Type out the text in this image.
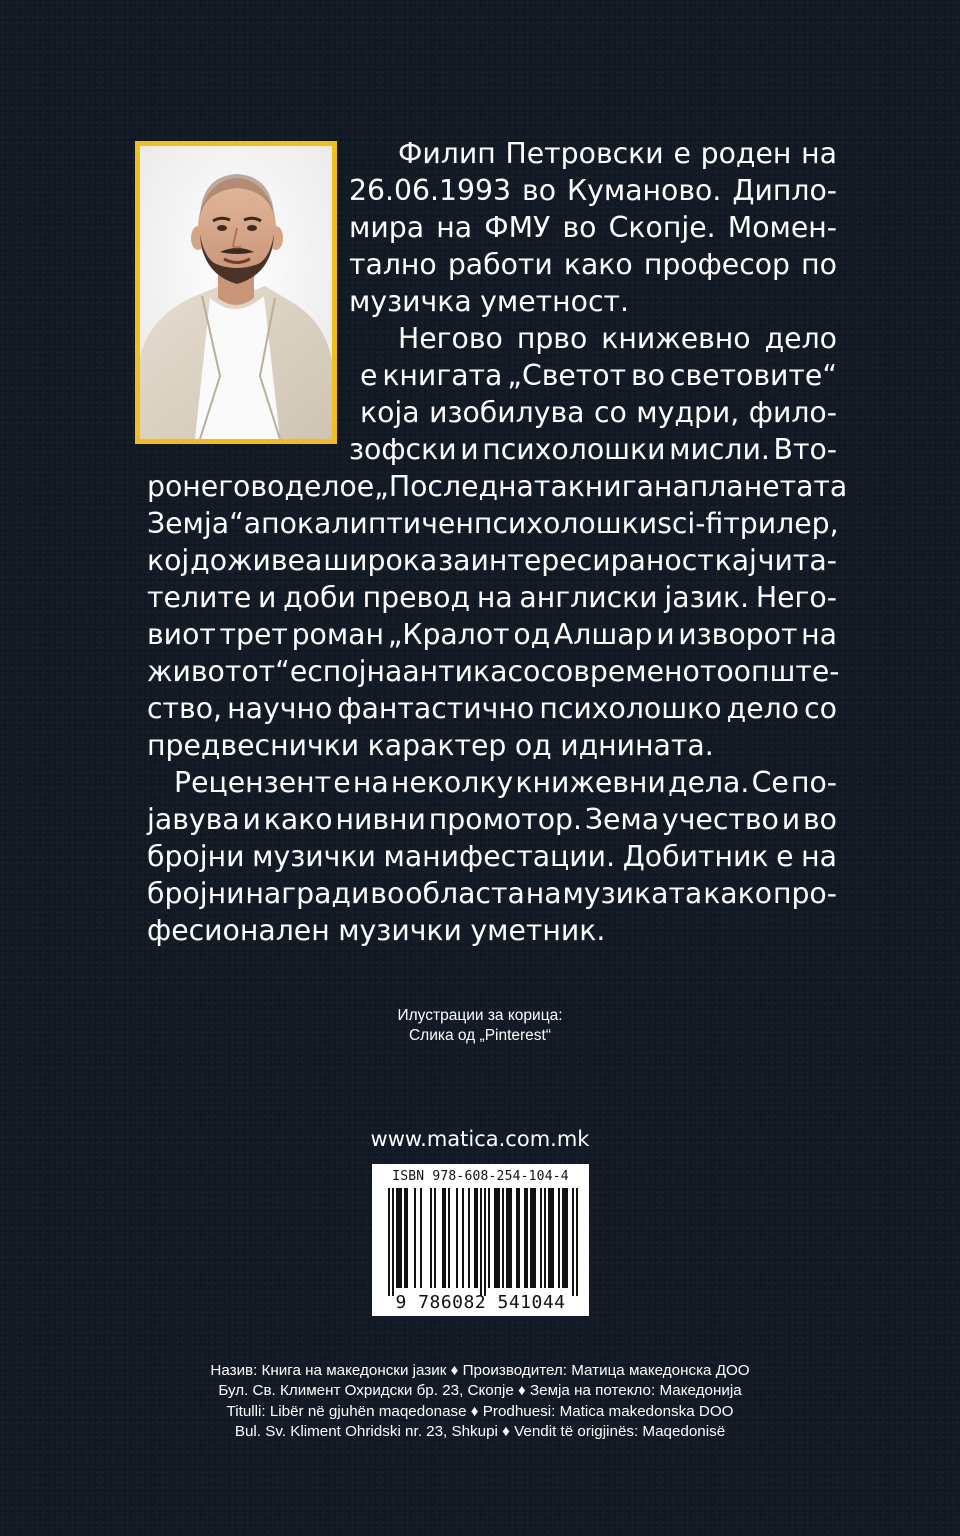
Филип Петровски е роден на
26.06.1993 во Куманово. Дипло-
мира на ФМУ во Скопје. Момен-
тално работи како професор по
музичка уметност.
Негово прво книжевно дело
е книгата „Светот во световите“
која изобилува со мудри, фило-
зофски и психолошки мисли. Вто-
ро негово дело е „Последната книга на планетата
Земја“ апокалиптичен психолошки sci-fi трилер,
кој доживеа широка заинтересираност кај чита-
телите и доби превод на англиски јазик. Него-
виот трет роман „Кралот од Алшар и изворот на
животот“ е спој на антика со современото опште-
ство, научно фантастично психолошко дело со
предвеснички карактер од иднината.
Рецензент е на неколку книжевни дела. Се по-
јавува и како нивни промотор. Зема учество и во
бројни музички манифестации. Добитник е на
бројни награди во областа на музиката како про-
фесионален музички уметник.
Илустрации за корица:
Слика од „Pinterest“
www.matica.com.mk
ISBN 978-608-254-104-4
9 786082 541044
Назив: Книга на македонски јазик ♦ Производител: Матица македонска ДОО
Бул. Св. Климент Охридски бр. 23, Скопје ♦ Земја на потекло: Македонија
Titulli: Libër në gjuhën maqedonase ♦ Prodhuesi: Matica makedonska DOO
Bul. Sv. Kliment Ohridski nr. 23, Shkupi ♦ Vendit të origjinës: Maqedonisë
